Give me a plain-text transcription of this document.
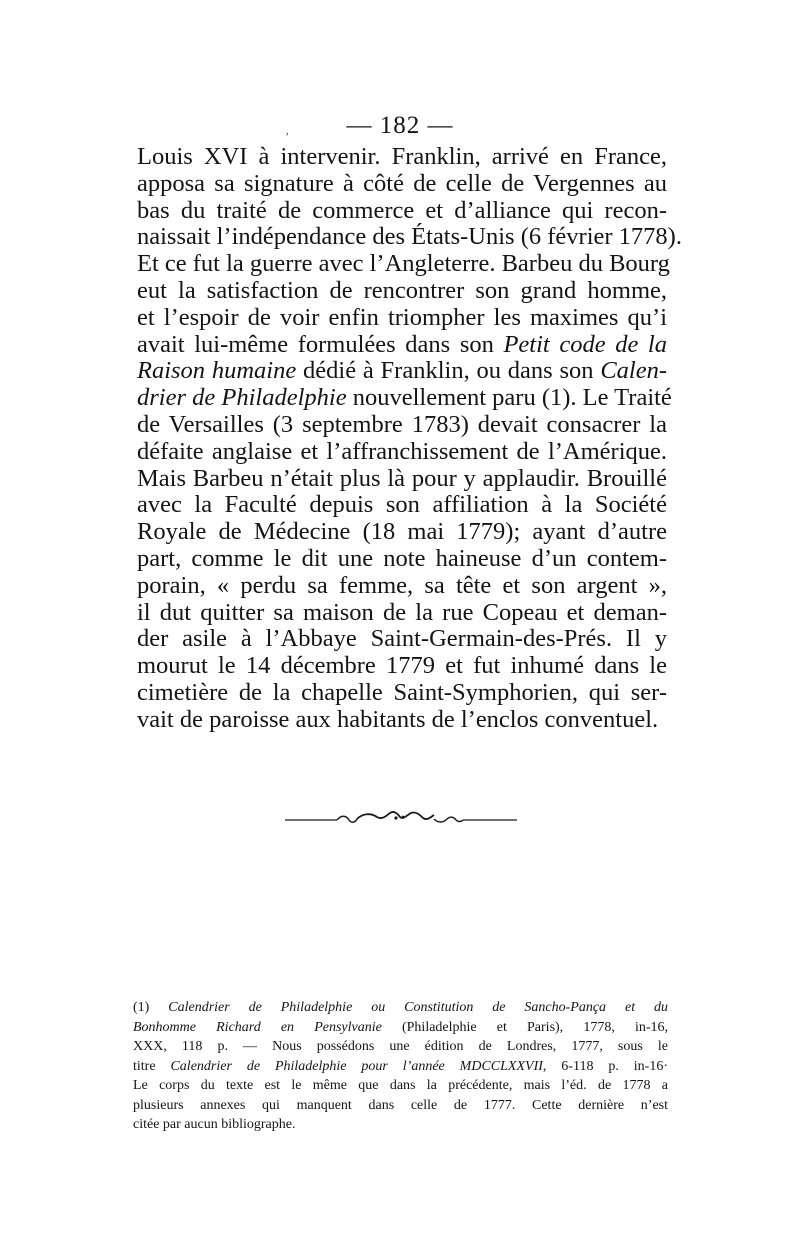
, — 182 —
Louis XVI à intervenir. Franklin, arrivé en France,
apposa sa signature à côté de celle de Vergennes au
bas du traité de commerce et d’alliance qui recon-
naissait l’indépendance des États-Unis (6 février 1778).
Et ce fut la guerre avec l’Angleterre. Barbeu du Bourg
eut la satisfaction de rencontrer son grand homme,
et l’espoir de voir enfin triompher les maximes qu’i
avait lui-même formulées dans son Petit code de la
Raison humaine dédié à Franklin, ou dans son Calen-
drier de Philadelphie nouvellement paru (1). Le Traité
de Versailles (3 septembre 1783) devait consacrer la
défaite anglaise et l’affranchissement de l’Amérique.
Mais Barbeu n’était plus là pour y applaudir. Brouillé
avec la Faculté depuis son affiliation à la Société
Royale de Médecine (18 mai 1779); ayant d’autre
part, comme le dit une note haineuse d’un contem-
porain, « perdu sa femme, sa tête et son argent »,
il dut quitter sa maison de la rue Copeau et deman-
der asile à l’Abbaye Saint-Germain-des-Prés. Il y
mourut le 14 décembre 1779 et fut inhumé dans le
cimetière de la chapelle Saint-Symphorien, qui ser-
vait de paroisse aux habitants de l’enclos conventuel.
(1) Calendrier de Philadelphie ou Constitution de Sancho-Pança et du
Bonhomme Richard en Pensylvanie (Philadelphie et Paris), 1778, in-16,
XXX, 118 p. — Nous possédons une édition de Londres, 1777, sous le
titre Calendrier de Philadelphie pour l’année MDCCLXXVII, 6-118 p. in-16·
Le corps du texte est le même que dans la précédente, mais l’éd. de 1778 a
plusieurs annexes qui manquent dans celle de 1777. Cette dernière n’est
citée par aucun bibliographe.
